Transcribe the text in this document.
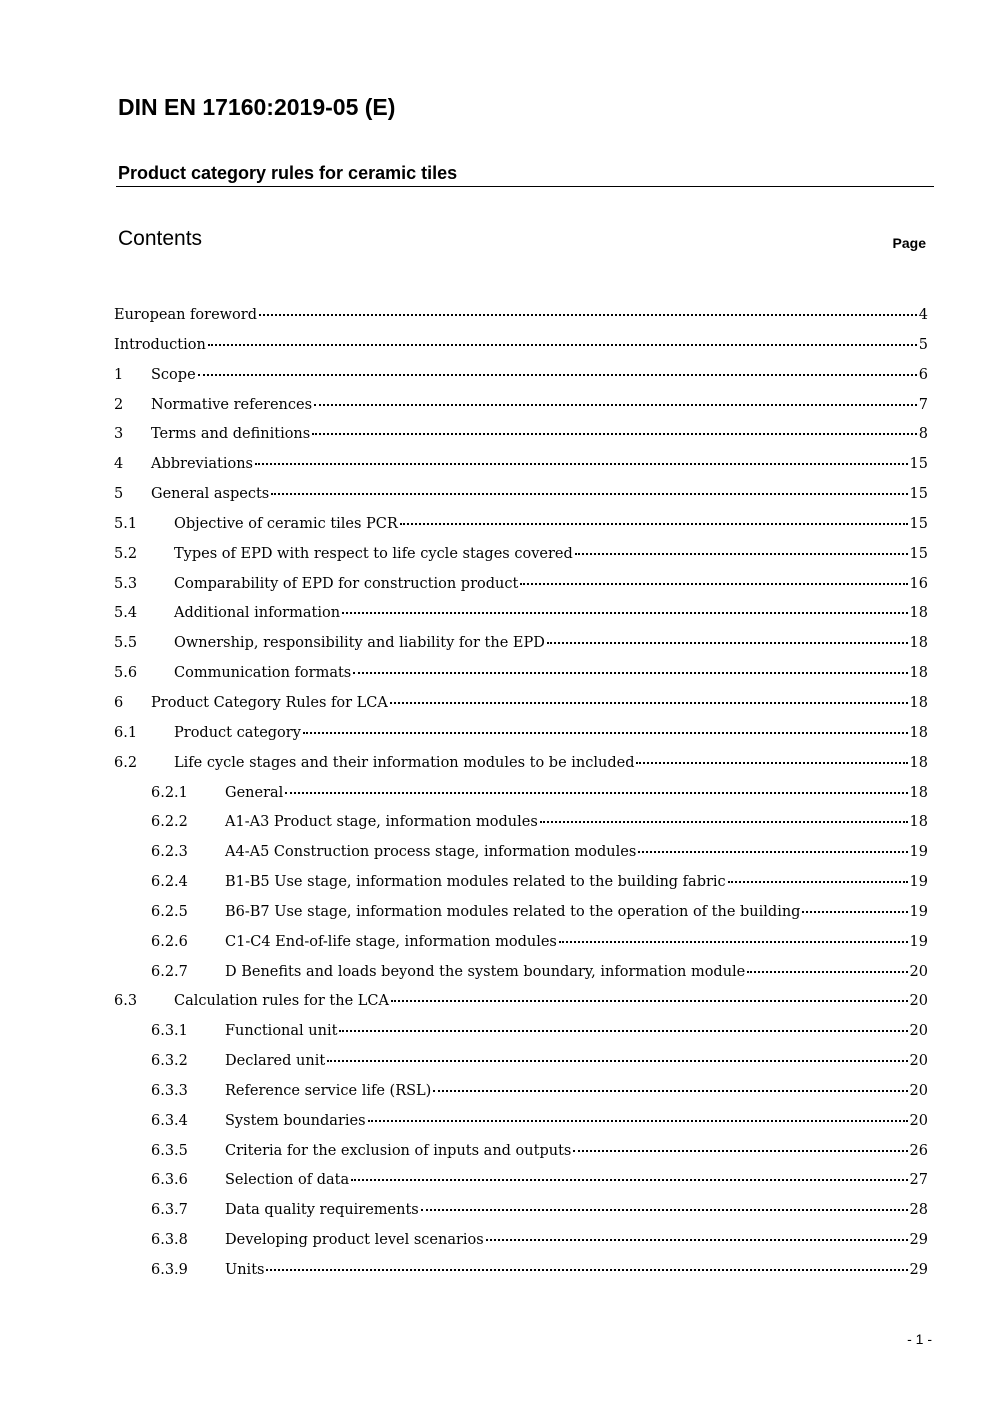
DIN EN 17160:2019-05 (E)
Product category rules for ceramic tiles
Contents	Page
European foreword	4
Introduction	5
1	Scope	6
2	Normative references	7
3	Terms and definitions	8
4	Abbreviations	15
5	General aspects	15
5.1	Objective of ceramic tiles PCR	15
5.2	Types of EPD with respect to life cycle stages covered	15
5.3	Comparability of EPD for construction product	16
5.4	Additional information	18
5.5	Ownership, responsibility and liability for the EPD	18
5.6	Communication formats	18
6	Product Category Rules for LCA	18
6.1	Product category	18
6.2	Life cycle stages and their information modules to be included	18
6.2.1	General	18
6.2.2	A1-A3 Product stage, information modules	18
6.2.3	A4-A5 Construction process stage, information modules	19
6.2.4	B1-B5 Use stage, information modules related to the building fabric	19
6.2.5	B6-B7 Use stage, information modules related to the operation of the building	19
6.2.6	C1-C4 End-of-life stage, information modules	19
6.2.7	D Benefits and loads beyond the system boundary, information module	20
6.3	Calculation rules for the LCA	20
6.3.1	Functional unit	20
6.3.2	Declared unit	20
6.3.3	Reference service life (RSL)	20
6.3.4	System boundaries	20
6.3.5	Criteria for the exclusion of inputs and outputs	26
6.3.6	Selection of data	27
6.3.7	Data quality requirements	28
6.3.8	Developing product level scenarios	29
6.3.9	Units	29
- 1 -
